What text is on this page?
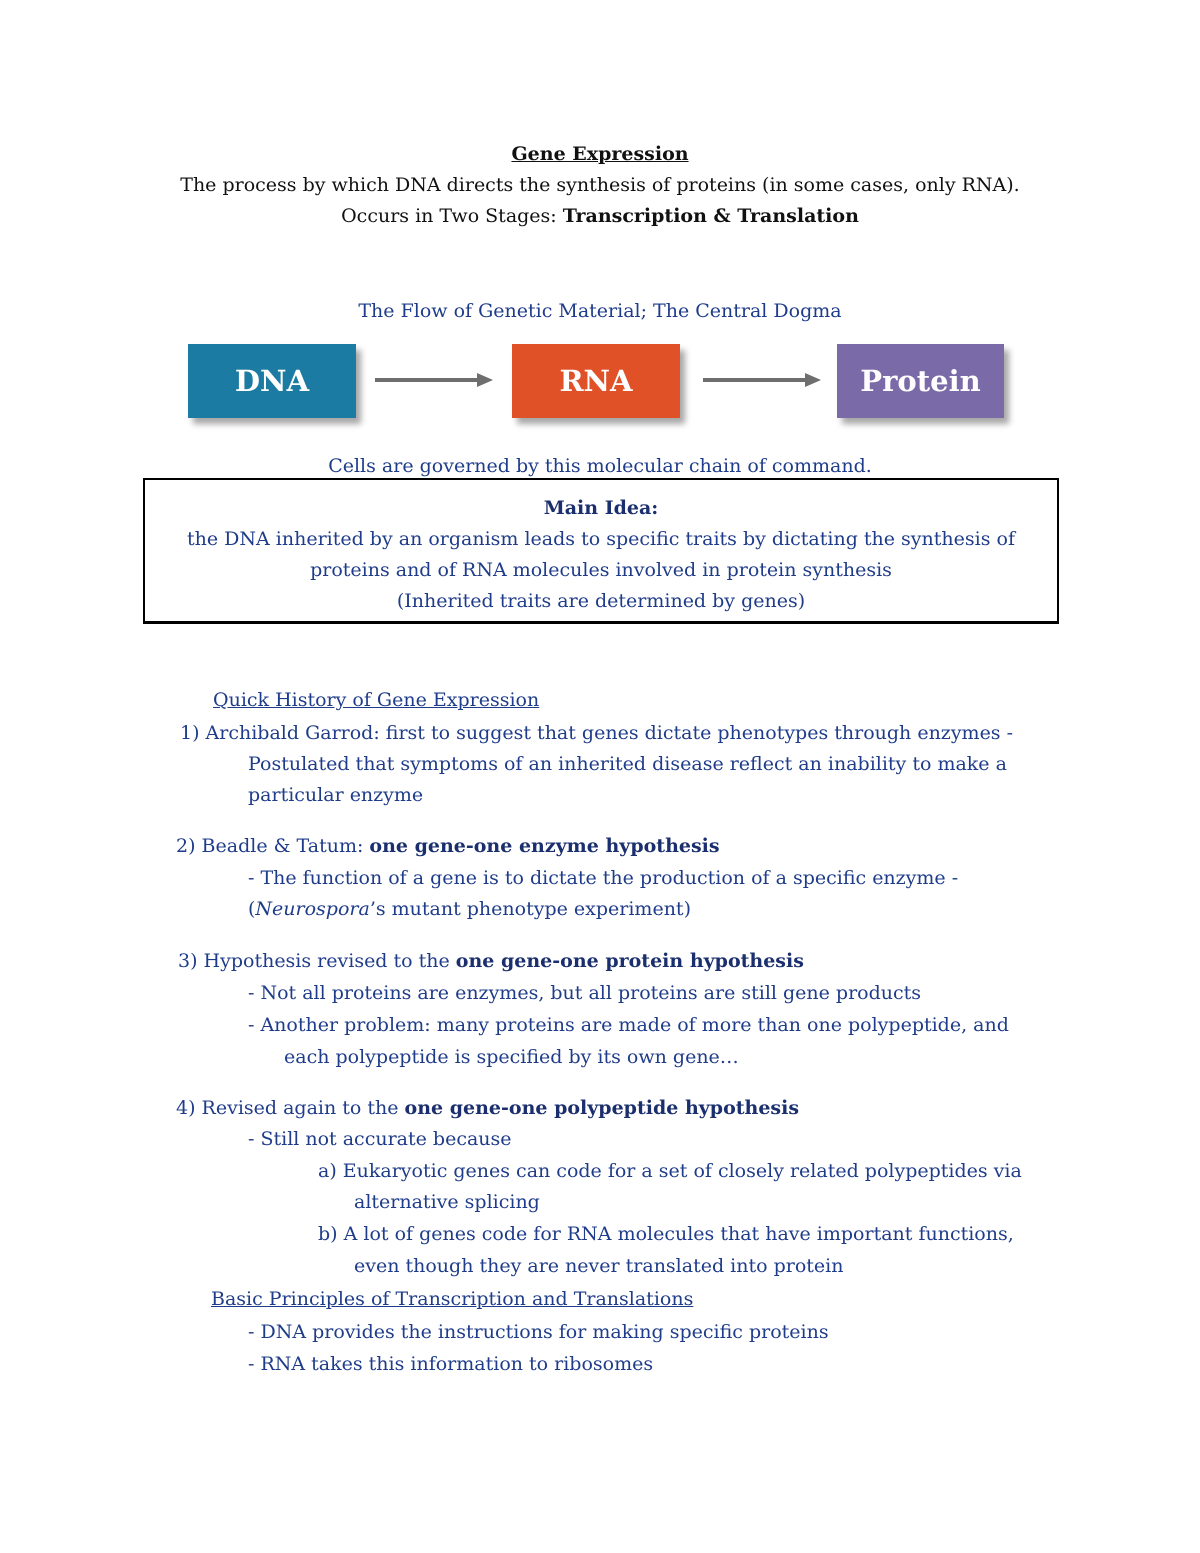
Gene Expression
The process by which DNA directs the synthesis of proteins (in some cases, only RNA).
Occurs in Two Stages: Transcription & Translation
The Flow of Genetic Material; The Central Dogma
DNA	RNA	Protein
Cells are governed by this molecular chain of command.
Main Idea:
the DNA inherited by an organism leads to specific traits by dictating the synthesis of
proteins and of RNA molecules involved in protein synthesis
(Inherited traits are determined by genes)
Quick History of Gene Expression
1) Archibald Garrod: first to suggest that genes dictate phenotypes through enzymes -
Postulated that symptoms of an inherited disease reflect an inability to make a
particular enzyme
2) Beadle & Tatum: one gene-one enzyme hypothesis
- The function of a gene is to dictate the production of a specific enzyme -
(Neurospora’s mutant phenotype experiment)
3) Hypothesis revised to the one gene-one protein hypothesis
- Not all proteins are enzymes, but all proteins are still gene products
- Another problem: many proteins are made of more than one polypeptide, and
each polypeptide is specified by its own gene…
4) Revised again to the one gene-one polypeptide hypothesis
- Still not accurate because
a) Eukaryotic genes can code for a set of closely related polypeptides via
alternative splicing
b) A lot of genes code for RNA molecules that have important functions,
even though they are never translated into protein
Basic Principles of Transcription and Translations
- DNA provides the instructions for making specific proteins
- RNA takes this information to ribosomes
